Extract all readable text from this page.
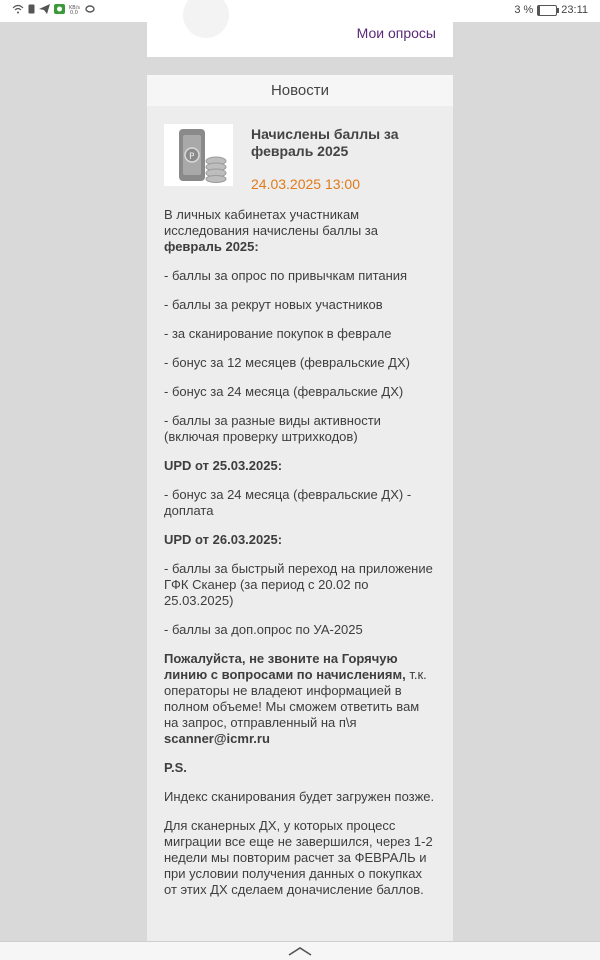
KB/s
0.0	3 %	23:11
Мои опросы
Новости
P
Начислены баллы за февраль 2025
24.03.2025 13:00

В личных кабинетах участникам исследования начислены баллы за февраль 2025:

- баллы за опрос по привычкам питания

- баллы за рекрут новых участников

- за сканирование покупок в феврале

- бонус за 12 месяцев (февральские ДХ)

- бонус за 24 месяца (февральские ДХ)

- баллы за разные виды активности (включая проверку штрихкодов)

UPD от 25.03.2025:

- бонус за 24 месяца (февральские ДХ) - доплата

UPD от 26.03.2025:

- баллы за быстрый переход на приложение ГФК Сканер (за период с 20.02 по 25.03.2025)

- баллы за доп.опрос по УА-2025

Пожалуйста, не звоните на Горячую линию с вопросами по начислениям, т.к. операторы не владеют информацией в полном объеме! Мы сможем ответить вам на запрос, отправленный на п\я scanner@icmr.ru

P.S.

Индекс сканирования будет загружен позже.

Для сканерных ДХ, у которых процесс миграции все еще не завершился, через 1-2 недели мы повторим расчет за ФЕВРАЛЬ и при условии получения данных о покупках от этих ДХ сделаем доначисление баллов.
